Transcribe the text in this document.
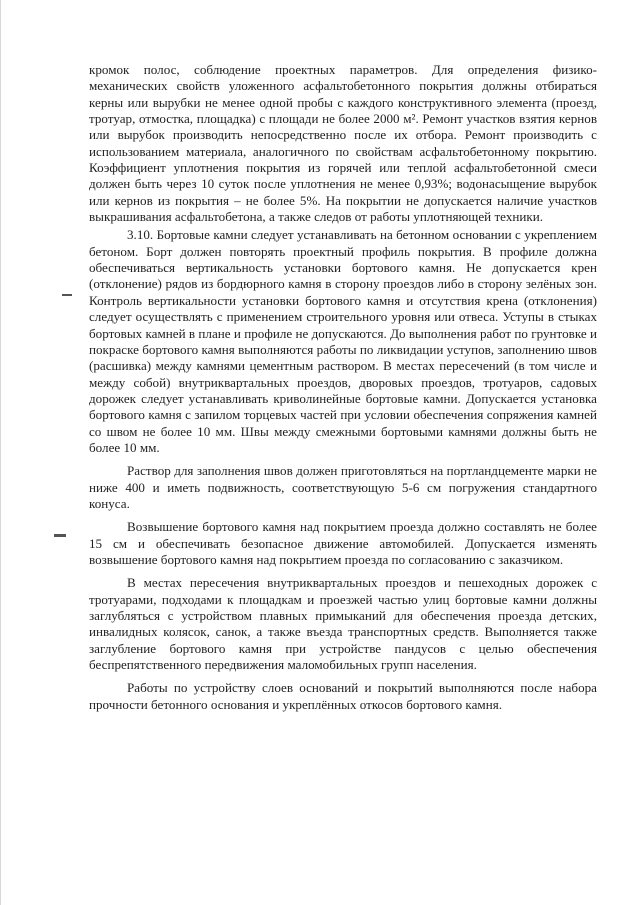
кромок полос, соблюдение проектных параметров. Для определения физико-механических свойств уложенного асфальтобетонного покрытия должны отбираться керны или вырубки не менее одной пробы с каждого конструктивного элемента (проезд, тротуар, отмостка, площадка) с площади не более 2000 м². Ремонт участков взятия кернов или вырубок производить непосредственно после их отбора. Ремонт производить с использованием материала, аналогичного по свойствам асфальтобетонному покрытию. Коэффициент уплотнения покрытия из горячей или теплой асфальтобетонной смеси должен быть через 10 суток после уплотнения не менее 0,93%; водонасыщение вырубок или кернов из покрытия – не более 5%. На покрытии не допускается наличие участков выкрашивания асфальтобетона, а также следов от работы уплотняющей техники.

3.10. Бортовые камни следует устанавливать на бетонном основании с укреплением бетоном. Борт должен повторять проектный профиль покрытия. В профиле должна обеспечиваться вертикальность установки бортового камня. Не допускается крен (отклонение) рядов из бордюрного камня в сторону проездов либо в сторону зелёных зон. Контроль вертикальности установки бортового камня и отсутствия крена (отклонения) следует осуществлять с применением строительного уровня или отвеса. Уступы в стыках бортовых камней в плане и профиле не допускаются. До выполнения работ по грунтовке и покраске бортового камня выполняются работы по ликвидации уступов, заполнению швов (расшивка) между камнями цементным раствором. В местах пересечений (в том числе и между собой) внутриквартальных проездов, дворовых проездов, тротуаров, садовых дорожек следует устанавливать криволинейные бортовые камни. Допускается установка бортового камня с запилом торцевых частей при условии обеспечения сопряжения камней со швом не более 10 мм. Швы между смежными бортовыми камнями должны быть не более 10 мм.

Раствор для заполнения швов должен приготовляться на портландцементе марки не ниже 400 и иметь подвижность, соответствующую 5-6 см погружения стандартного конуса.

Возвышение бортового камня над покрытием проезда должно составлять не более 15 см и обеспечивать безопасное движение автомобилей. Допускается изменять возвышение бортового камня над покрытием проезда по согласованию с заказчиком.

В местах пересечения внутриквартальных проездов и пешеходных дорожек с тротуарами, подходами к площадкам и проезжей частью улиц бортовые камни должны заглубляться с устройством плавных примыканий для обеспечения проезда детских, инвалидных колясок, санок, а также въезда транспортных средств. Выполняется также заглубление бортового камня при устройстве пандусов с целью обеспечения беспрепятственного передвижения маломобильных групп населения.

Работы по устройству слоев оснований и покрытий выполняются после набора прочности бетонного основания и укреплённых откосов бортового камня.
